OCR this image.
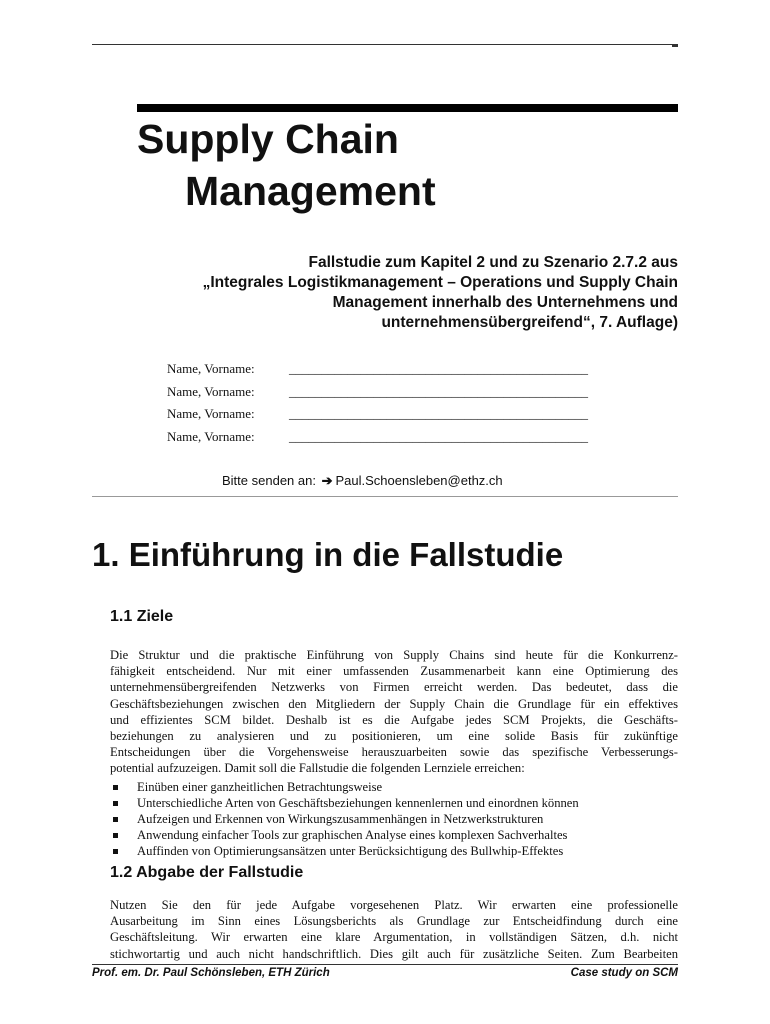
Supply Chain
Management
Fallstudie zum Kapitel 2 und zu Szenario 2.7.2 aus
„Integrales Logistikmanagement – Operations und Supply Chain
Management innerhalb des Unternehmens und
unternehmensübergreifend“, 7. Auflage)
Name, Vorname:	______________________________________________
Name, Vorname:	______________________________________________
Name, Vorname:	______________________________________________
Name, Vorname:	______________________________________________
Bitte senden an: ➔ Paul.Schoensleben@ethz.ch
1. Einführung in die Fallstudie
1.1 Ziele
Die Struktur und die praktische Einführung von Supply Chains sind heute für die Konkurrenz-
fähigkeit entscheidend. Nur mit einer umfassenden Zusammenarbeit kann eine Optimierung des
unternehmensübergreifenden Netzwerks von Firmen erreicht werden. Das bedeutet, dass die
Geschäftsbeziehungen zwischen den Mitgliedern der Supply Chain die Grundlage für ein effektives
und effizientes SCM bildet. Deshalb ist es die Aufgabe jedes SCM Projekts, die Geschäfts-
beziehungen zu analysieren und zu positionieren, um eine solide Basis für zukünftige
Entscheidungen über die Vorgehensweise herauszuarbeiten sowie das spezifische Verbesserungs-
potential aufzuzeigen. Damit soll die Fallstudie die folgenden Lernziele erreichen:
Einüben einer ganzheitlichen Betrachtungsweise
Unterschiedliche Arten von Geschäftsbeziehungen kennenlernen und einordnen können
Aufzeigen und Erkennen von Wirkungszusammenhängen in Netzwerkstrukturen
Anwendung einfacher Tools zur graphischen Analyse eines komplexen Sachverhaltes
Auffinden von Optimierungsansätzen unter Berücksichtigung des Bullwhip-Effektes
1.2 Abgabe der Fallstudie
Nutzen Sie den für jede Aufgabe vorgesehenen Platz. Wir erwarten eine professionelle
Ausarbeitung im Sinn eines Lösungsberichts als Grundlage zur Entscheidfindung durch eine
Geschäftsleitung. Wir erwarten eine klare Argumentation, in vollständigen Sätzen, d.h. nicht
stichwortartig und auch nicht handschriftlich. Dies gilt auch für zusätzliche Seiten. Zum Bearbeiten
Prof. em. Dr. Paul Schönsleben, ETH Zürich	Case study on SCM
